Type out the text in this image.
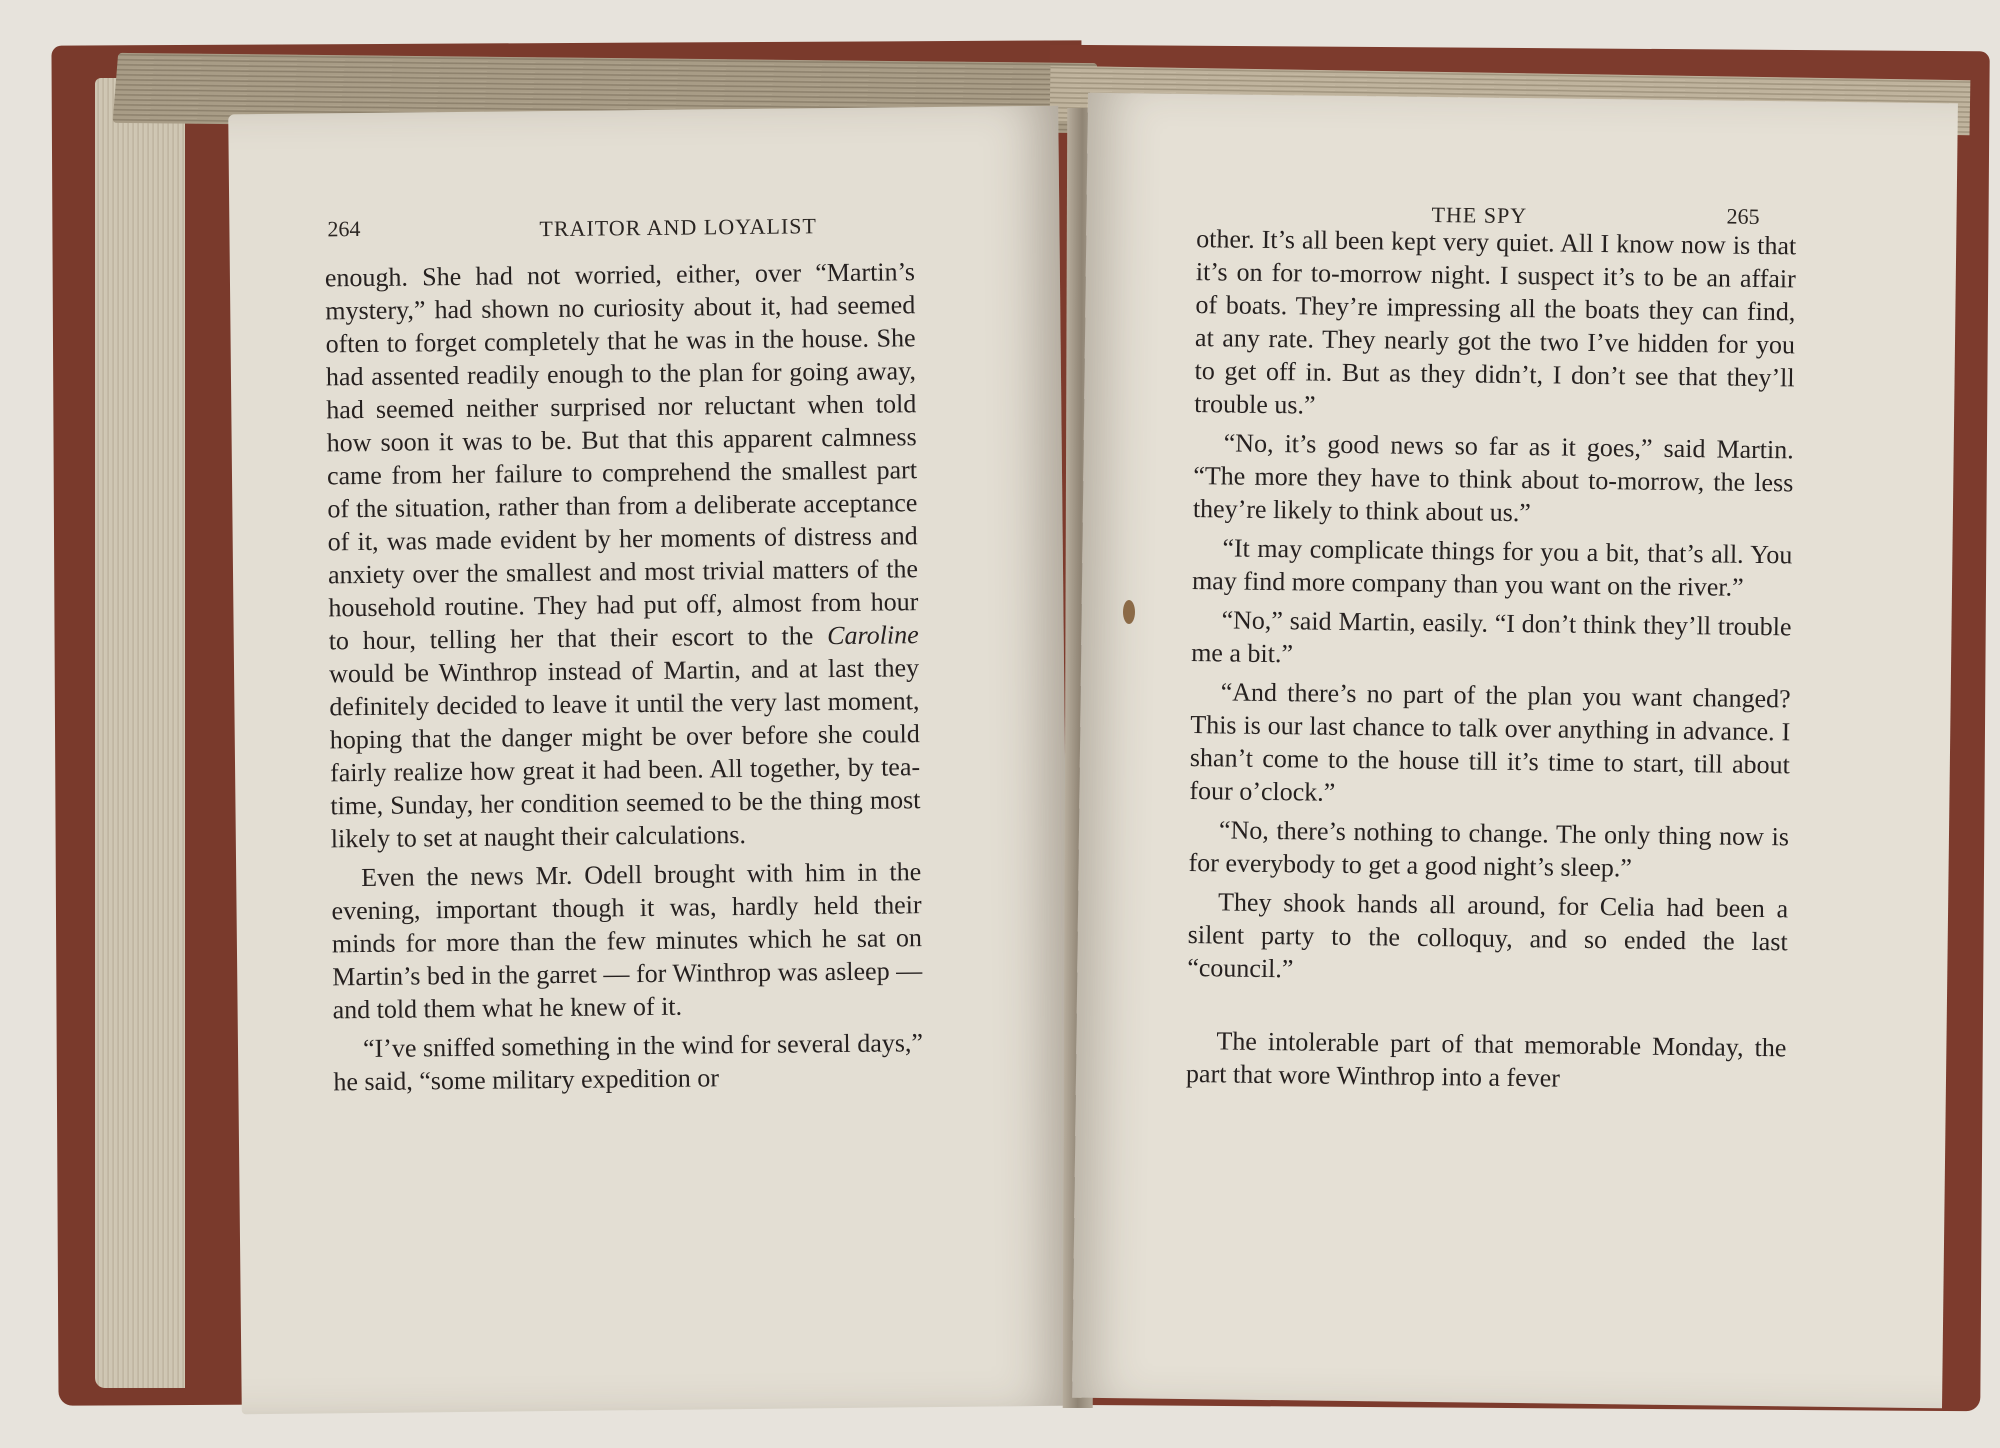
264	TRAITOR AND LOYALIST

enough. She had not worried, either, over “Martin’s mystery,” had shown no curiosity about it, had seemed often to forget completely that he was in the house. She had assented readily enough to the plan for going away, had seemed neither surprised nor reluctant when told how soon it was to be. But that this apparent calmness came from her failure to comprehend the smallest part of the situation, rather than from a deliberate acceptance of it, was made evident by her moments of distress and anxiety over the smallest and most trivial matters of the household routine. They had put off, almost from hour to hour, telling her that their escort to the Caroline would be Winthrop instead of Martin, and at last they definitely decided to leave it until the very last moment, hoping that the danger might be over before she could fairly realize how great it had been. All together, by tea-time, Sunday, her condition seemed to be the thing most likely to set at naught their calculations.

Even the news Mr. Odell brought with him in the evening, important though it was, hardly held their minds for more than the few minutes which he sat on Martin’s bed in the garret — for Winthrop was asleep — and told them what he knew of it.

“I’ve sniffed something in the wind for several days,” he said, “some military expedition or

THE SPY	265

other. It’s all been kept very quiet. All I know now is that it’s on for to-morrow night. I suspect it’s to be an affair of boats. They’re impressing all the boats they can find, at any rate. They nearly got the two I’ve hidden for you to get off in. But as they didn’t, I don’t see that they’ll trouble us.”

“No, it’s good news so far as it goes,” said Martin. “The more they have to think about to-morrow, the less they’re likely to think about us.”

“It may complicate things for you a bit, that’s all. You may find more company than you want on the river.”

“No,” said Martin, easily. “I don’t think they’ll trouble me a bit.”

“And there’s no part of the plan you want changed? This is our last chance to talk over anything in advance. I shan’t come to the house till it’s time to start, till about four o’clock.”

“No, there’s nothing to change. The only thing now is for everybody to get a good night’s sleep.”

They shook hands all around, for Celia had been a silent party to the colloquy, and so ended the last “council.”

The intolerable part of that memorable Monday, the part that wore Winthrop into a fever
